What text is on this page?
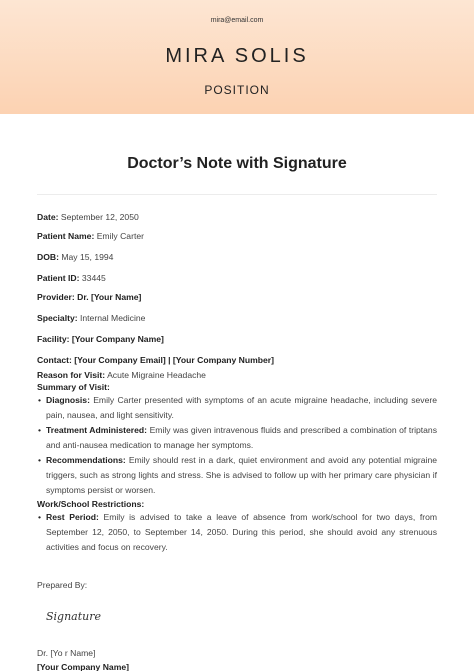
mira@email.com
MIRA SOLIS
POSITION
Doctor’s Note with Signature
Date: September 12, 2050
Patient Name: Emily Carter
DOB: May 15, 1994
Patient ID: 33445
Provider: Dr. [Your Name]
Specialty: Internal Medicine
Facility: [Your Company Name]
Contact: [Your Company Email] | [Your Company Number]
Reason for Visit: Acute Migraine Headache
Summary of Visit:
• Diagnosis: Emily Carter presented with symptoms of an acute migraine headache, including severe pain, nausea, and light sensitivity.
• Treatment Administered: Emily was given intravenous fluids and prescribed a combination of triptans and anti-nausea medication to manage her symptoms.
• Recommendations: Emily should rest in a dark, quiet environment and avoid any potential migraine triggers, such as strong lights and stress. She is advised to follow up with her primary care physician if symptoms persist or worsen.
Work/School Restrictions:
• Rest Period: Emily is advised to take a leave of absence from work/school for two days, from September 12, 2050, to September 14, 2050. During this period, she should avoid any strenuous activities and focus on recovery.
Prepared By:
Signature
Dr. [Yo r Name]
[Your Company Name]
